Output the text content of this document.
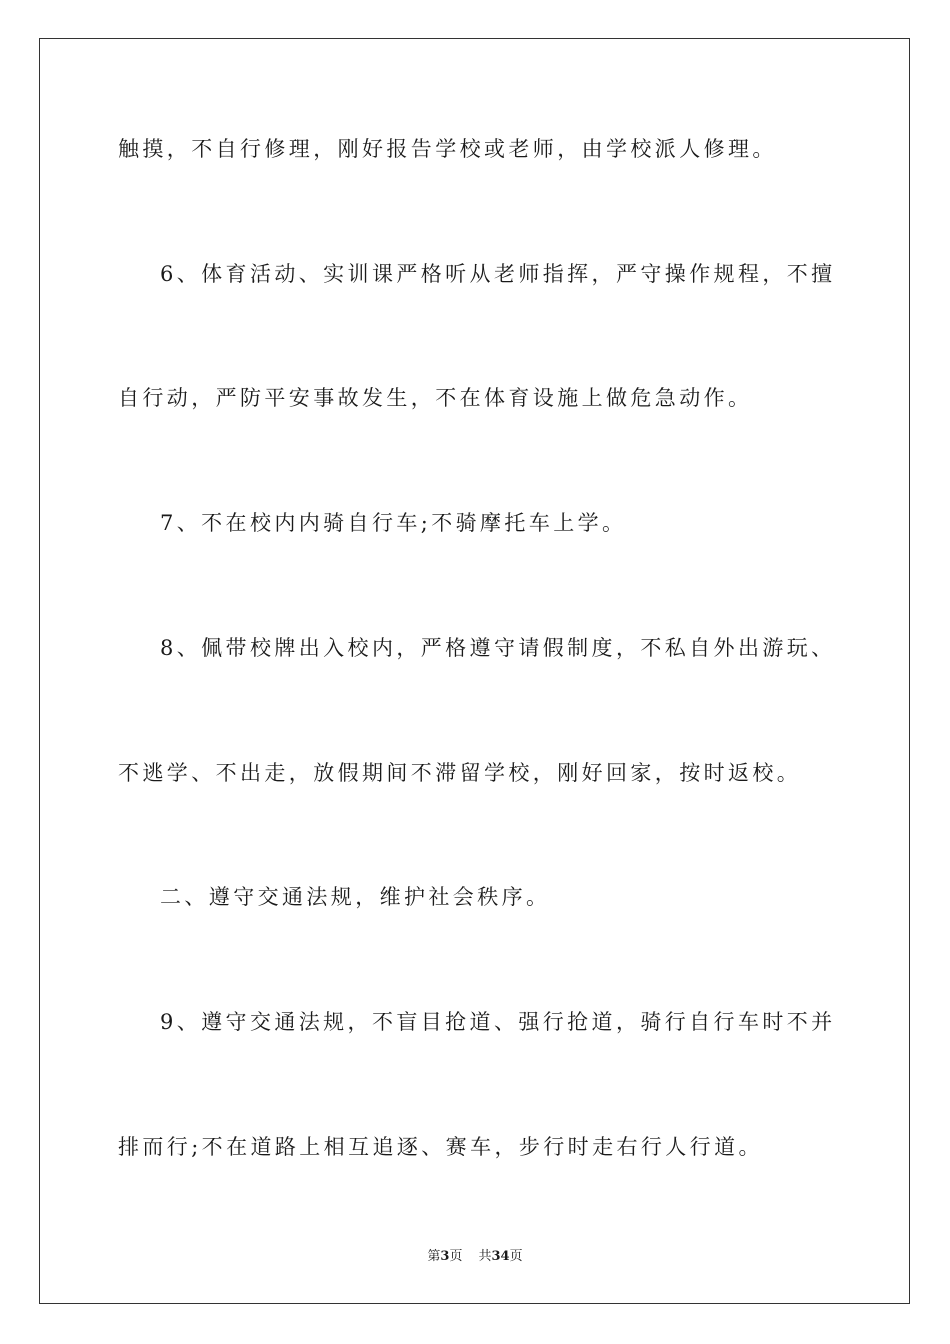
触摸，不自行修理，刚好报告学校或老师，由学校派人修理。
6、体育活动、实训课严格听从老师指挥，严守操作规程，不擅
自行动，严防平安事故发生，不在体育设施上做危急动作。
7、不在校内内骑自行车;不骑摩托车上学。
8、佩带校牌出入校内，严格遵守请假制度，不私自外出游玩、
不逃学、不出走，放假期间不滞留学校，刚好回家，按时返校。
二、遵守交通法规，维护社会秩序。
9、遵守交通法规，不盲目抢道、强行抢道，骑行自行车时不并
排而行;不在道路上相互追逐、赛车，步行时走右行人行道。
第3页 共34页
